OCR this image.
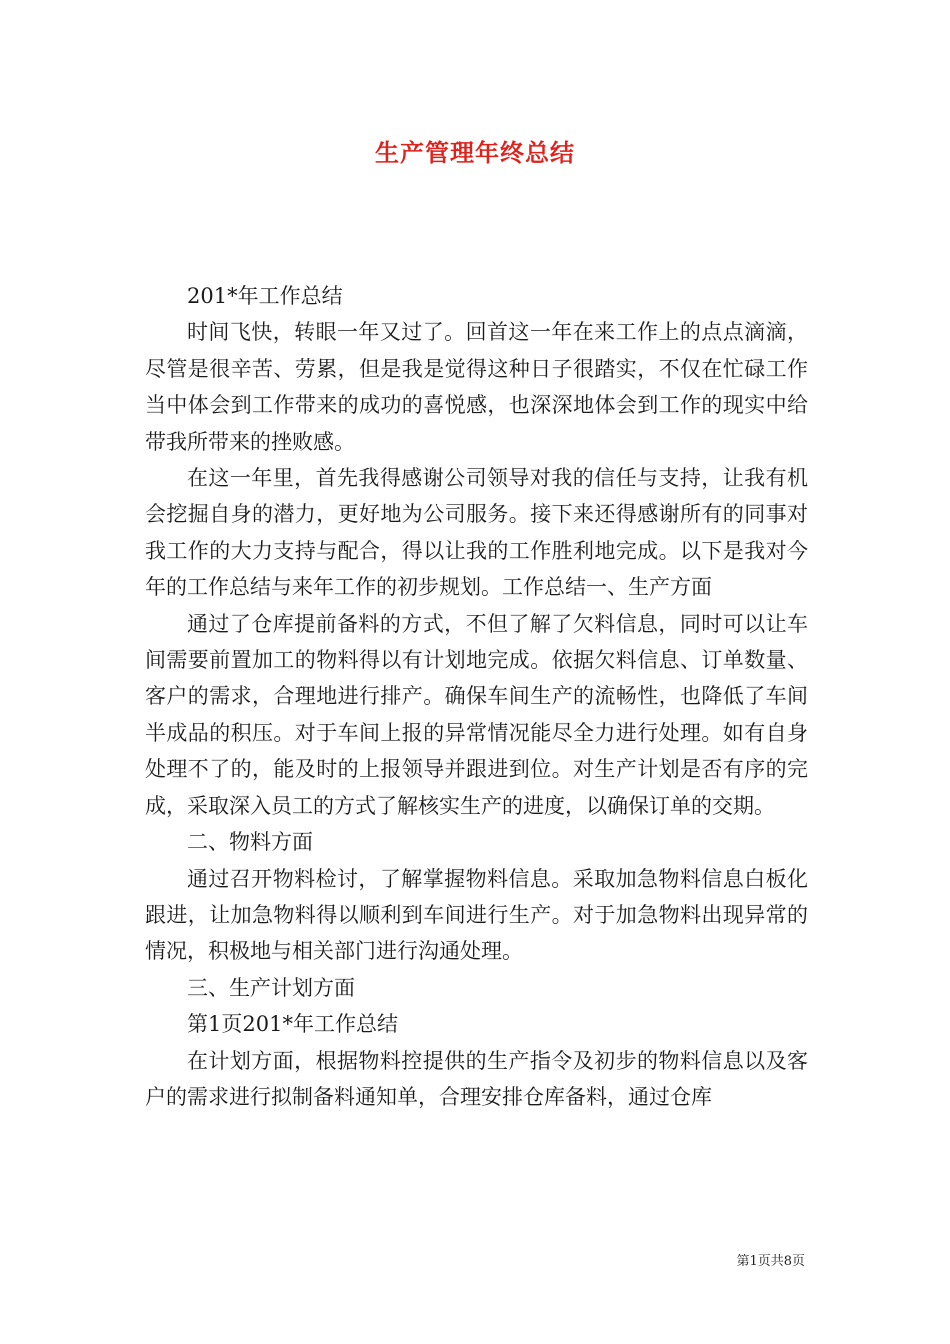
生产管理年终总结

201*年工作总结

时间飞快，转眼一年又过了。回首这一年在来工作上的点点滴滴，尽管是很辛苦、劳累，但是我是觉得这种日子很踏实，不仅在忙碌工作当中体会到工作带来的成功的喜悦感，也深深地体会到工作的现实中给带我所带来的挫败感。

在这一年里，首先我得感谢公司领导对我的信任与支持，让我有机会挖掘自身的潜力，更好地为公司服务。接下来还得感谢所有的同事对我工作的大力支持与配合，得以让我的工作胜利地完成。以下是我对今年的工作总结与来年工作的初步规划。工作总结一、生产方面

通过了仓库提前备料的方式，不但了解了欠料信息，同时可以让车间需要前置加工的物料得以有计划地完成。依据欠料信息、订单数量、客户的需求，合理地进行排产。确保车间生产的流畅性，也降低了车间半成品的积压。对于车间上报的异常情况能尽全力进行处理。如有自身处理不了的，能及时的上报领导并跟进到位。对生产计划是否有序的完成，采取深入员工的方式了解核实生产的进度，以确保订单的交期。

二、物料方面

通过召开物料检讨，了解掌握物料信息。采取加急物料信息白板化跟进，让加急物料得以顺利到车间进行生产。对于加急物料出现异常的情况，积极地与相关部门进行沟通处理。

三、生产计划方面

第1页201*年工作总结

在计划方面，根据物料控提供的生产指令及初步的物料信息以及客户的需求进行拟制备料通知单，合理安排仓库备料，通过仓库

第1页共8页
